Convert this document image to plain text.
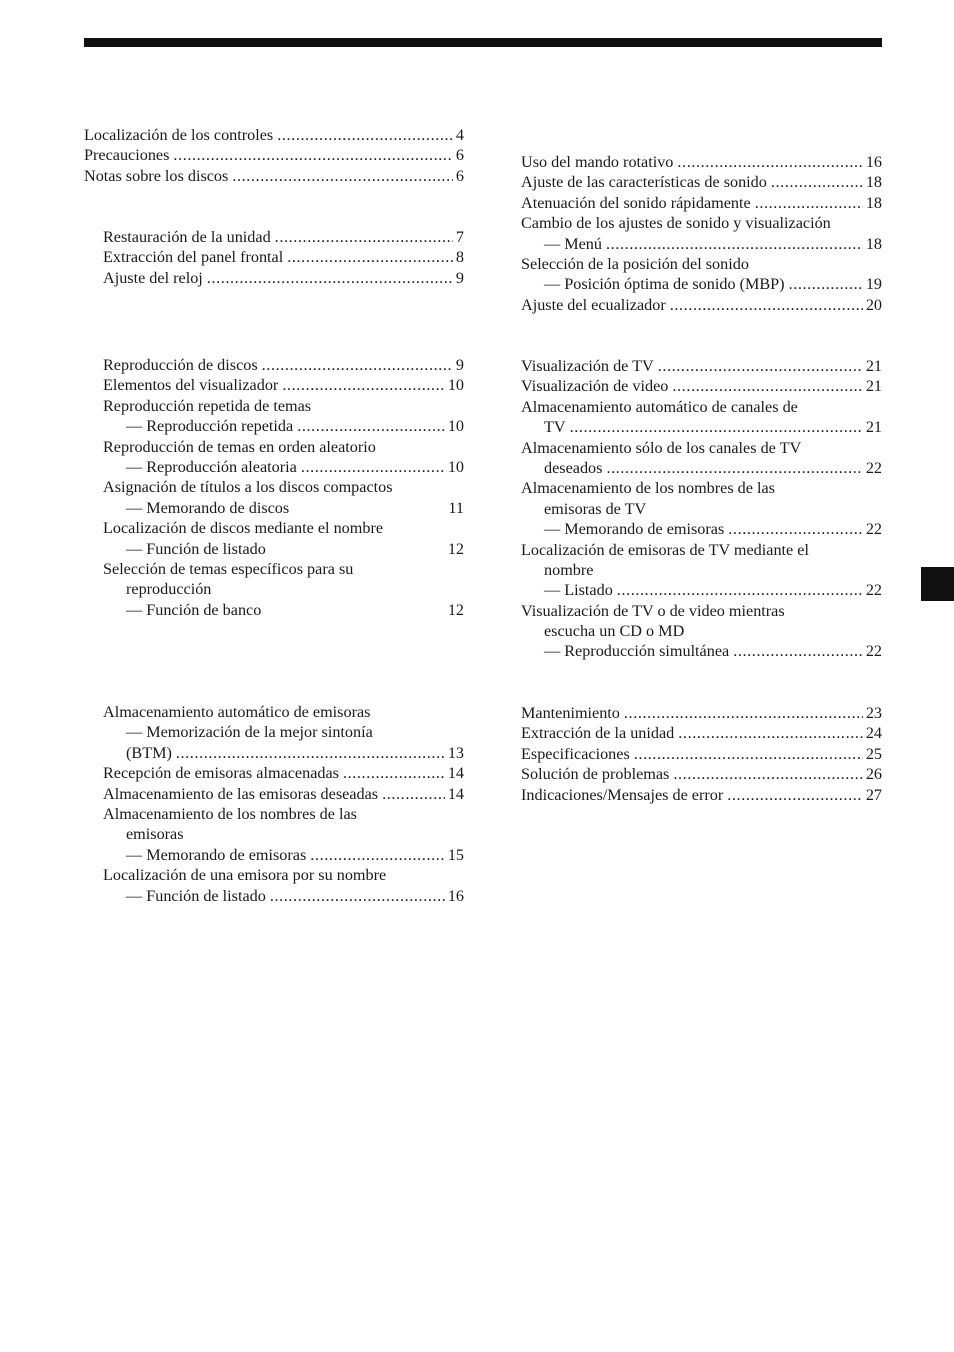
Localización de los controles .....	4
Precauciones .....	6
Notas sobre los discos .....	6
Restauración de la unidad .....	7
Extracción del panel frontal .....	8
Ajuste del reloj .....	9
Reproducción de discos .....	9
Elementos del visualizador .....	10
Reproducción repetida de temas
— Reproducción repetida .....	10
Reproducción de temas en orden aleatorio
— Reproducción aleatoria .....	10
Asignación de títulos a los discos compactos
— Memorando de discos	11
Localización de discos mediante el nombre
— Función de listado	12
Selección de temas específicos para su
reproducción
— Función de banco	12
Almacenamiento automático de emisoras
— Memorización de la mejor sintonía
(BTM) .....	13
Recepción de emisoras almacenadas .....	14
Almacenamiento de las emisoras deseadas .....	14
Almacenamiento de los nombres de las
emisoras
— Memorando de emisoras .....	15
Localización de una emisora por su nombre
— Función de listado .....	16
Uso del mando rotativo .....	16
Ajuste de las características de sonido .....	18
Atenuación del sonido rápidamente .....	18
Cambio de los ajustes de sonido y visualización
— Menú .....	18
Selección de la posición del sonido
— Posición óptima de sonido (MBP) .....	19
Ajuste del ecualizador .....	20
Visualización de TV .....	21
Visualización de video .....	21
Almacenamiento automático de canales de
TV .....	21
Almacenamiento sólo de los canales de TV
deseados .....	22
Almacenamiento de los nombres de las
emisoras de TV
— Memorando de emisoras .....	22
Localización de emisoras de TV mediante el
nombre
— Listado .....	22
Visualización de TV o de video mientras
escucha un CD o MD
— Reproducción simultánea .....	22
Mantenimiento .....	23
Extracción de la unidad .....	24
Especificaciones .....	25
Solución de problemas .....	26
Indicaciones/Mensajes de error .....	27
